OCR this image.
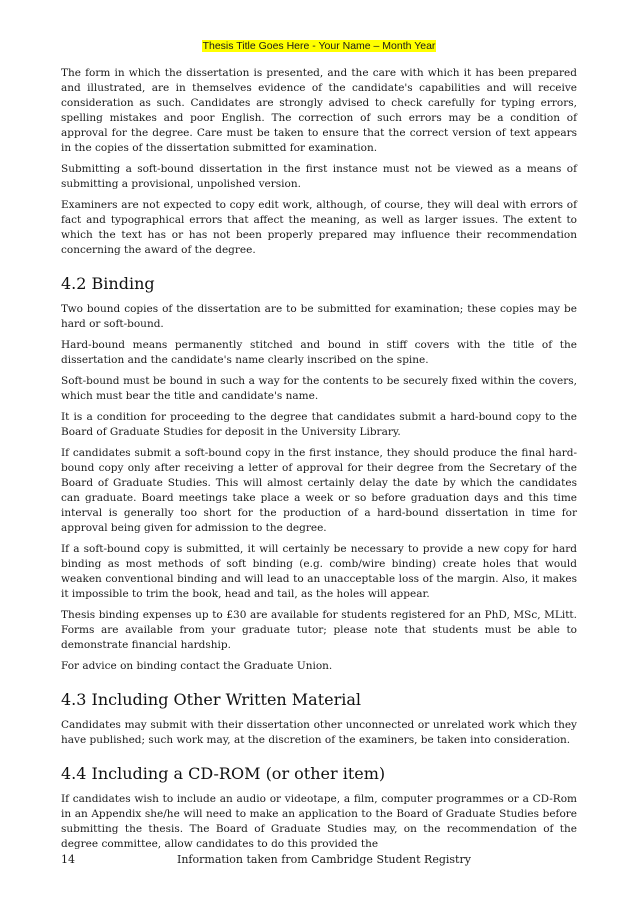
Thesis Title Goes Here - Your Name – Month Year

The form in which the dissertation is presented, and the care with which it has been prepared and illustrated, are in themselves evidence of the candidate's capabilities and will receive consideration as such. Candidates are strongly advised to check carefully for typing errors, spelling mistakes and poor English. The correction of such errors may be a condition of approval for the degree. Care must be taken to ensure that the correct version of text appears in the copies of the dissertation submitted for examination.

Submitting a soft-bound dissertation in the first instance must not be viewed as a means of submitting a provisional, unpolished version.

Examiners are not expected to copy edit work, although, of course, they will deal with errors of fact and typographical errors that affect the meaning, as well as larger issues. The extent to which the text has or has not been properly prepared may influence their recommendation concerning the award of the degree.

4.2 Binding

Two bound copies of the dissertation are to be submitted for examination; these copies may be hard or soft-bound.

Hard-bound means permanently stitched and bound in stiff covers with the title of the dissertation and the candidate's name clearly inscribed on the spine.

Soft-bound must be bound in such a way for the contents to be securely fixed within the covers, which must bear the title and candidate's name.

It is a condition for proceeding to the degree that candidates submit a hard-bound copy to the Board of Graduate Studies for deposit in the University Library.

If candidates submit a soft-bound copy in the first instance, they should produce the final hard-bound copy only after receiving a letter of approval for their degree from the Secretary of the Board of Graduate Studies. This will almost certainly delay the date by which the candidates can graduate. Board meetings take place a week or so before graduation days and this time interval is generally too short for the production of a hard-bound dissertation in time for approval being given for admission to the degree.

If a soft-bound copy is submitted, it will certainly be necessary to provide a new copy for hard binding as most methods of soft binding (e.g. comb/wire binding) create holes that would weaken conventional binding and will lead to an unacceptable loss of the margin. Also, it makes it impossible to trim the book, head and tail, as the holes will appear.

Thesis binding expenses up to £30 are available for students registered for an PhD, MSc, MLitt. Forms are available from your graduate tutor; please note that students must be able to demonstrate financial hardship.

For advice on binding contact the Graduate Union.

4.3 Including Other Written Material

Candidates may submit with their dissertation other unconnected or unrelated work which they have published; such work may, at the discretion of the examiners, be taken into consideration.

4.4 Including a CD-ROM (or other item)

If candidates wish to include an audio or videotape, a film, computer programmes or a CD-Rom in an Appendix she/he will need to make an application to the Board of Graduate Studies before submitting the thesis. The Board of Graduate Studies may, on the recommendation of the degree committee, allow candidates to do this provided the

14	Information taken from Cambridge Student Registry
